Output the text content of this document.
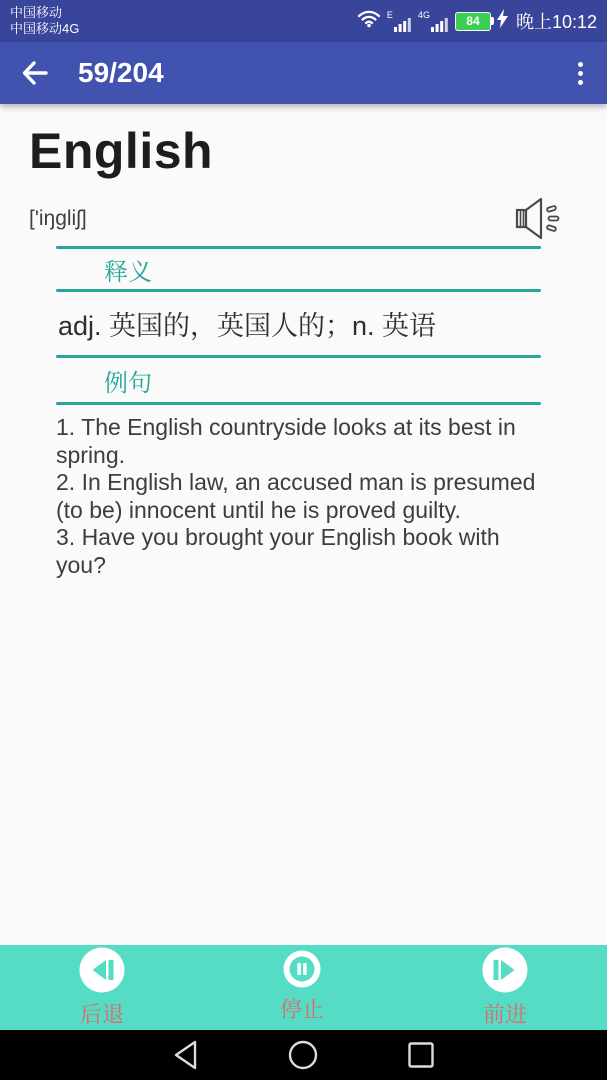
中国移动
中国移动4G
E	4G	84 晚上10:12
59/204
English
['iŋgliʃ]
释义
adj. 英国的，英国人的；n. 英语
例句
1. The English countryside looks at its best in spring.
2. In English law, an accused man is presumed (to be) innocent until he is proved guilty.
3. Have you brought your English book with you?
后退	停止	前进
